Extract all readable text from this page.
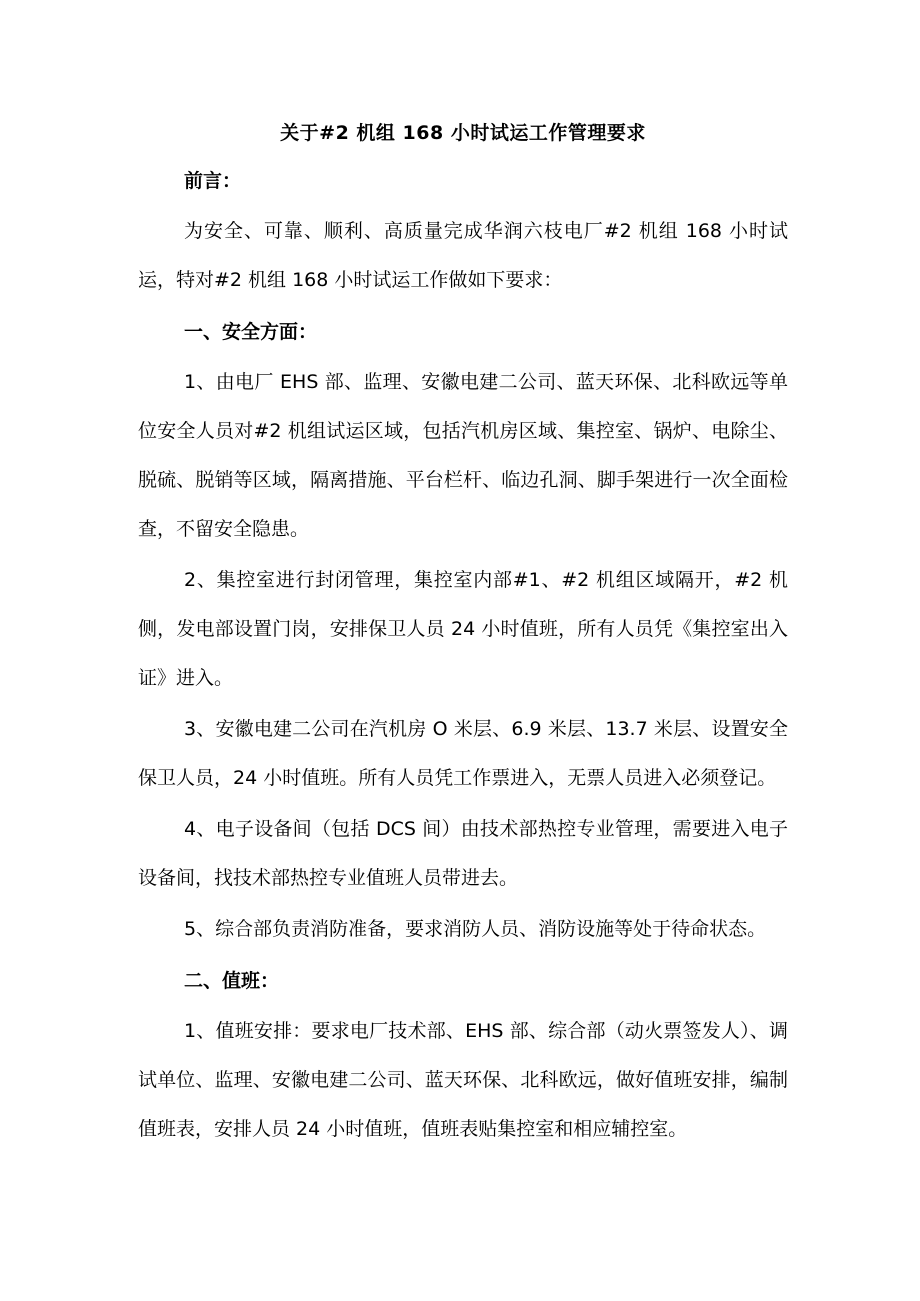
关于#2 机组 168 小时试运工作管理要求
前言：

为安全、可靠、顺利、高质量完成华润六枝电厂#2 机组 168 小时试运，特对#2 机组 168 小时试运工作做如下要求：

一、安全方面：

1、由电厂 EHS 部、监理、安徽电建二公司、蓝天环保、北科欧远等单位安全人员对#2 机组试运区域，包括汽机房区域、集控室、锅炉、电除尘、脱硫、脱销等区域，隔离措施、平台栏杆、临边孔洞、脚手架进行一次全面检查，不留安全隐患。

2、集控室进行封闭管理，集控室内部#1、#2 机组区域隔开，#2 机侧，发电部设置门岗，安排保卫人员 24 小时值班，所有人员凭《集控室出入证》进入。

3、安徽电建二公司在汽机房 O 米层、6.9 米层、13.7 米层、设置安全保卫人员，24 小时值班。所有人员凭工作票进入，无票人员进入必须登记。

4、电子设备间（包括 DCS 间）由技术部热控专业管理，需要进入电子设备间，找技术部热控专业值班人员带进去。

5、综合部负责消防准备，要求消防人员、消防设施等处于待命状态。

二、值班：

1、值班安排：要求电厂技术部、EHS 部、综合部（动火票签发人）、调试单位、监理、安徽电建二公司、蓝天环保、北科欧远，做好值班安排，编制值班表，安排人员 24 小时值班，值班表贴集控室和相应辅控室。
